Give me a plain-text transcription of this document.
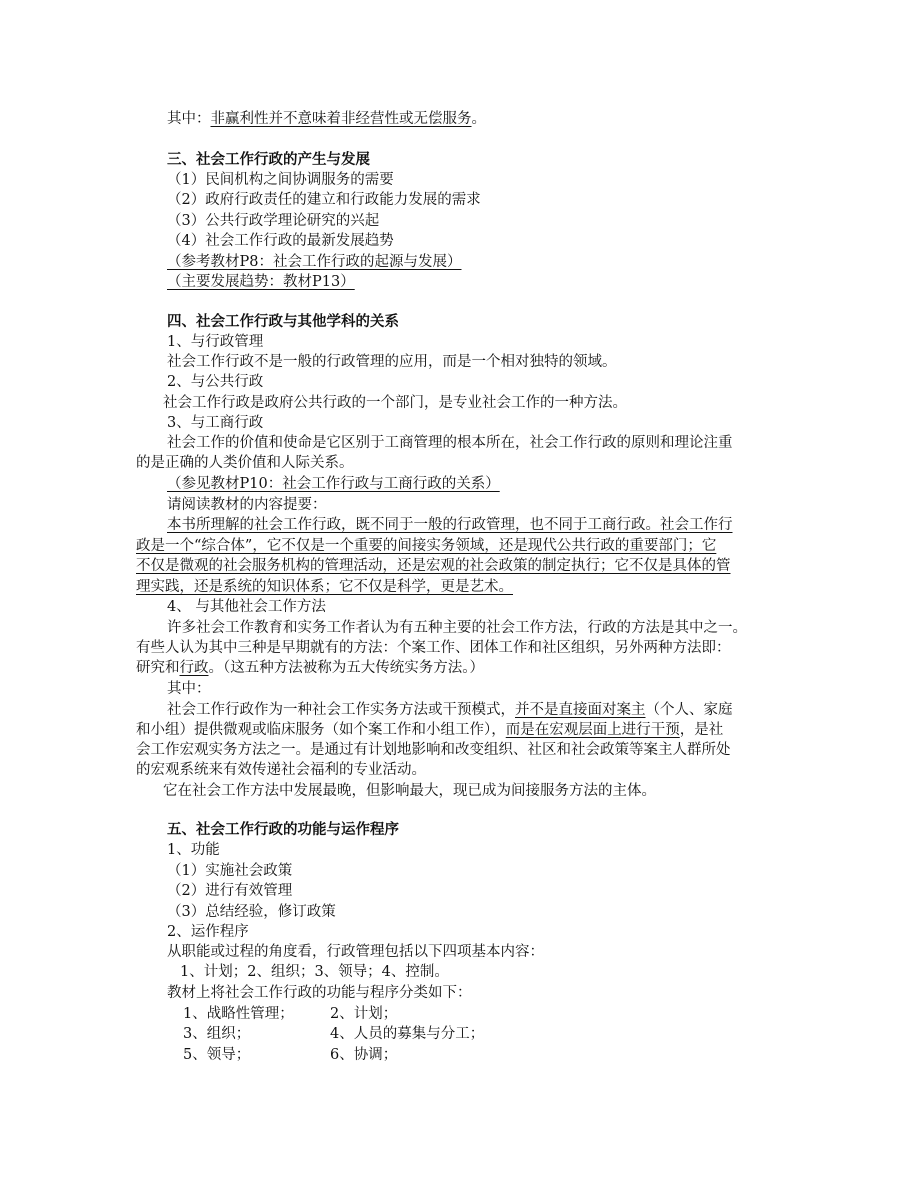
其中：非赢利性并不意味着非经营性或无偿服务。
三、社会工作行政的产生与发展
（1）民间机构之间协调服务的需要
（2）政府行政责任的建立和行政能力发展的需求
（3）公共行政学理论研究的兴起
（4）社会工作行政的最新发展趋势
（参考教材P8：社会工作行政的起源与发展）
（主要发展趋势：教材P13）
四、社会工作行政与其他学科的关系
1、与行政管理
社会工作行政不是一般的行政管理的应用，而是一个相对独特的领域。
2、与公共行政
社会工作行政是政府公共行政的一个部门，是专业社会工作的一种方法。
3、与工商行政
社会工作的价值和使命是它区别于工商管理的根本所在，社会工作行政的原则和理论注重
的是正确的人类价值和人际关系。
（参见教材P10：社会工作行政与工商行政的关系）
请阅读教材的内容提要：
本书所理解的社会工作行政，既不同于一般的行政管理，也不同于工商行政。社会工作行
政是一个“综合体”，它不仅是一个重要的间接实务领域，还是现代公共行政的重要部门；它
不仅是微观的社会服务机构的管理活动，还是宏观的社会政策的制定执行；它不仅是具体的管
理实践，还是系统的知识体系；它不仅是科学，更是艺术。
4、 与其他社会工作方法
许多社会工作教育和实务工作者认为有五种主要的社会工作方法，行政的方法是其中之一。
有些人认为其中三种是早期就有的方法：个案工作、团体工作和社区组织，另外两种方法即：
研究和行政。（这五种方法被称为五大传统实务方法。）
其中：
社会工作行政作为一种社会工作实务方法或干预模式，并不是直接面对案主（个人、家庭
和小组）提供微观或临床服务（如个案工作和小组工作），而是在宏观层面上进行干预，是社
会工作宏观实务方法之一。是通过有计划地影响和改变组织、社区和社会政策等案主人群所处
的宏观系统来有效传递社会福利的专业活动。
它在社会工作方法中发展最晚，但影响最大，现已成为间接服务方法的主体。
五、社会工作行政的功能与运作程序
1、功能
（1）实施社会政策
（2）进行有效管理
（3）总结经验，修订政策
2、运作程序
从职能或过程的角度看，行政管理包括以下四项基本内容：
1、计划；2、组织；3、领导；4、控制。
教材上将社会工作行政的功能与程序分类如下：
1、战略性管理；	2、计划；
3、组织；	4、人员的募集与分工；
5、领导；	6、协调；
